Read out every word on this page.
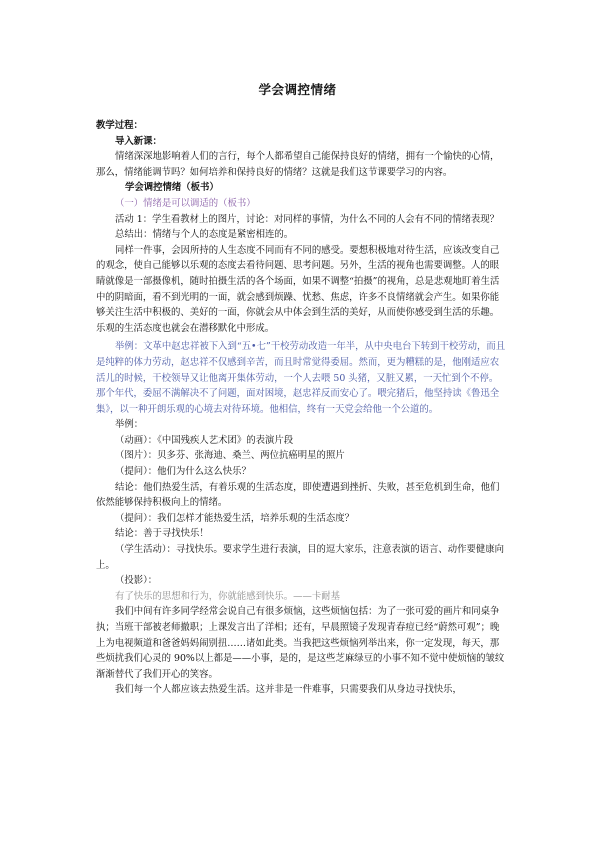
学会调控情绪

教学过程：

导入新课：

情绪深深地影响着人们的言行，每个人都希望自己能保持良好的情绪，拥有一个愉快的心情，那么，情绪能调节吗？如何培养和保持良好的情绪？这就是我们这节课要学习的内容。

学会调控情绪（板书）

（一）情绪是可以调适的（板书）

活动 1：学生看教材上的图片，讨论：对同样的事情，为什么不同的人会有不同的情绪表现？

总结出：情绪与个人的态度是紧密相连的。

同样一件事，会因所持的人生态度不同而有不同的感受。要想积极地对待生活，应该改变自己的观念，使自己能够以乐观的态度去看待问题、思考问题。另外，生活的视角也需要调整。人的眼睛就像是一部摄像机，随时拍摄生活的各个场面，如果不调整“拍摄”的视角，总是悲观地盯着生活中的阴暗面，看不到光明的一面，就会感到烦躁、忧愁、焦虑，许多不良情绪就会产生。如果你能够关注生活中积极的、美好的一面，你就会从中体会到生活的美好，从而使你感受到生活的乐趣。乐观的生活态度也就会在潜移默化中形成。

举例：文革中赵忠祥被下入到“五•七”干校劳动改造一年半，从中央电台下转到干校劳动，而且是纯粹的体力劳动，赵忠祥不仅感到辛苦，而且时常觉得委屈。然而，更为糟糕的是，他刚适应农活儿的时候，干校领导又让他离开集体劳动，一个人去喂 50 头猪，又脏又累，一天忙到个不停。那个年代，委屈不满解决不了问题，面对困境，赵忠祥反而安心了。喂完猪后，他坚持读《鲁迅全集》，以一种开朗乐观的心境去对待环境。他相信，终有一天党会给他一个公道的。

举例：

（动画）：《中国残疾人艺术团》的表演片段

（图片）：贝多芬、张海迪、桑兰、两位抗癌明星的照片

（提问）：他们为什么这么快乐？

结论：他们热爱生活，有着乐观的生活态度，即使遭遇到挫折、失败，甚至危机到生命，他们依然能够保持积极向上的情绪。

（提问）：我们怎样才能热爱生活，培养乐观的生活态度？

结论：善于寻找快乐！

（学生活动）：寻找快乐。要求学生进行表演，目的逗大家乐，注意表演的语言、动作要健康向上。

（投影）：

有了快乐的思想和行为，你就能感到快乐。——卡耐基

我们中间有许多同学经常会说自己有很多烦恼，这些烦恼包括：为了一张可爱的画片和同桌争执；当班干部被老师撤职；上课发言出了洋相；还有，早晨照镜子发现青春痘已经“蔚然可观”；晚上为电视频道和爸爸妈妈闹别扭……诸如此类。当我把这些烦恼列举出来，你一定发现，每天，那些烦扰我们心灵的 90%以上都是——小事，是的，是这些芝麻绿豆的小事不知不觉中使烦恼的皱纹渐渐替代了我们开心的笑容。

我们每一个人都应该去热爱生活。这并非是一件难事，只需要我们从身边寻找快乐，
